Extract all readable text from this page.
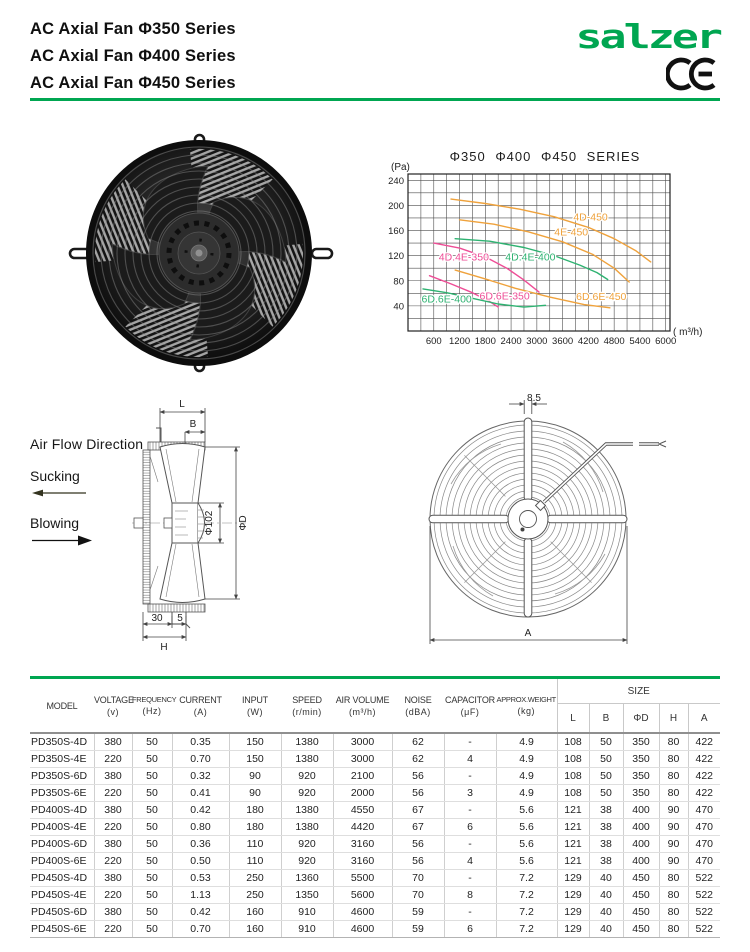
AC Axial Fan Φ350 Series
AC Axial Fan Φ400 Series
AC Axial Fan Φ450 Series
salzer
600 1200 1800 2400 3000 3600 4200 4800 5400 6000
40
80
120
160
200
240
Φ350 Φ400 Φ450 SERIES
(Pa)
( m³/h)
4D-450
4E-450
4D.4E-400
4D.4E-350
6D.6E-450
6D.6E-350
6D.6E-400
Air Flow Direction
Sucking
Blowing
L
B
Φ102 ΦD
30 5
H
8.5
A
MODEL

VOLTAGE
(v)

FREQUENCY
(Hz)

CURRENT
(A)

INPUT
(W)

SPEED
(r/min)

AIR VOLUME
(m³/h)

NOISE
(dBA)

CAPACITOR
(μF)

APPROX.WEIGHT
(kg)
	SIZE
										L	B	ΦD	H	A
PD350S-4D	380	50	0.35	150	1380	3000	62	-	4.9	108	50	350	80	422
PD350S-4E	220	50	0.70	150	1380	3000	62	4	4.9	108	50	350	80	422
PD350S-6D	380	50	0.32	90	920	2100	56	-	4.9	108	50	350	80	422
PD350S-6E	220	50	0.41	90	920	2000	56	3	4.9	108	50	350	80	422
PD400S-4D	380	50	0.42	180	1380	4550	67	-	5.6	121	38	400	90	470
PD400S-4E	220	50	0.80	180	1380	4420	67	6	5.6	121	38	400	90	470
PD400S-6D	380	50	0.36	110	920	3160	56	-	5.6	121	38	400	90	470
PD400S-6E	220	50	0.50	110	920	3160	56	4	5.6	121	38	400	90	470
PD450S-4D	380	50	0.53	250	1360	5500	70	-	7.2	129	40	450	80	522
PD450S-4E	220	50	1.13	250	1350	5600	70	8	7.2	129	40	450	80	522
PD450S-6D	380	50	0.42	160	910	4600	59	-	7.2	129	40	450	80	522
PD450S-6E	220	50	0.70	160	910	4600	59	6	7.2	129	40	450	80	522
